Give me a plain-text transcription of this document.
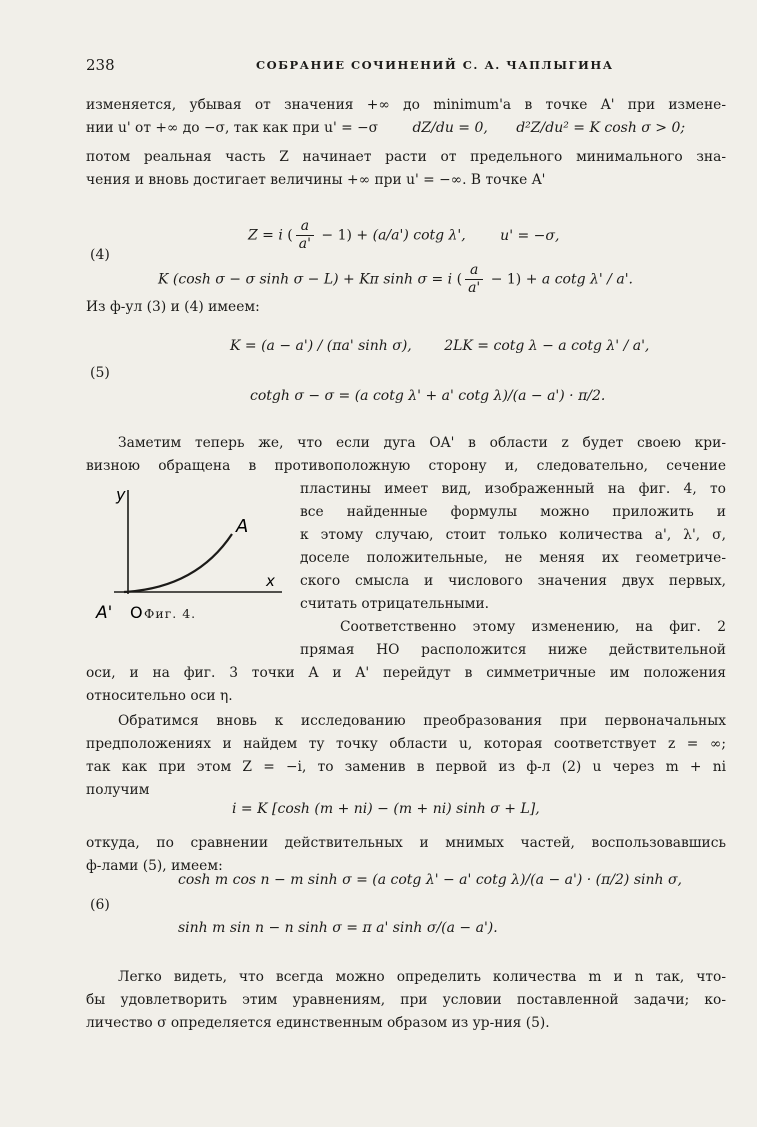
238	СОБРАНИЕ СОЧИНЕНИЙ С. А. ЧАПЛЫГИНА
изменяется, убывая от значения +∞ до minimum'a в точке A' при измене-
нии u' от +∞ до −σ, так как при u' = −σ dZ/du = 0, d²Z/du² = K cosh σ > 0;
потом реальная часть Z начинает расти от предельного минимального зна-
чения и вновь достигает величины +∞ при u' = −∞. В точке A'
(4)
Z = i ( $\frac{a}{a'} - 1) + (a/a')$ cotg λ', u' = −σ,
K (cosh σ − σ sinh σ − L) + Kπ sinh σ = i ( $\frac{a}{a'} - 1) + a$ cotg λ' / a'.
Из ф-ул (3) и (4) имеем:
(5)
K = (a − a') / (πa' sinh σ), 2LK = cotg λ − a cotg λ' / a',
cotgh σ − σ = (a cotg λ' + a' cotg λ)/(a − a') · π/2.
Заметим теперь же, что если дуга OA' в области z будет своею кри-
визною обращена в противоположную сторону и, следовательно, сечение
y
x
A
A' O Фиг. 4.
пластины имеет вид, изображенный на фиг. 4, то
все найденные формулы можно приложить и
к этому случаю, стоит только количества a', λ', σ,
доселе положительные, не меняя их геометриче-
ского смысла и числового значения двух первых,
считать отрицательными.
Соответственно этому изменению, на фиг. 2
прямая HO расположится ниже действительной
оси, и на фиг. 3 точки A и A' перейдут в симметричные им положения
относительно оси η.
Обратимся вновь к исследованию преобразования при первоначальных
предположениях и найдем ту точку области u, которая соответствует z = ∞;
так как при этом Z = −i, то заменив в первой из ф-л (2) u через m + ni
получим
i = K [cosh (m + ni) − (m + ni) sinh σ + L],
откуда, по сравнении действительных и мнимых частей, воспользовавшись
ф-лами (5), имеем:
(6)
cosh m cos n − m sinh σ = (a cotg λ' − a' cotg λ)/(a − a') · (π/2) sinh σ,
sinh m sin n − n sinh σ = π a' sinh σ/(a − a').
Легко видеть, что всегда можно определить количества m и n так, что-
бы удовлетворить этим уравнениям, при условии поставленной задачи; ко-
личество σ определяется единственным образом из ур-ния (5).
